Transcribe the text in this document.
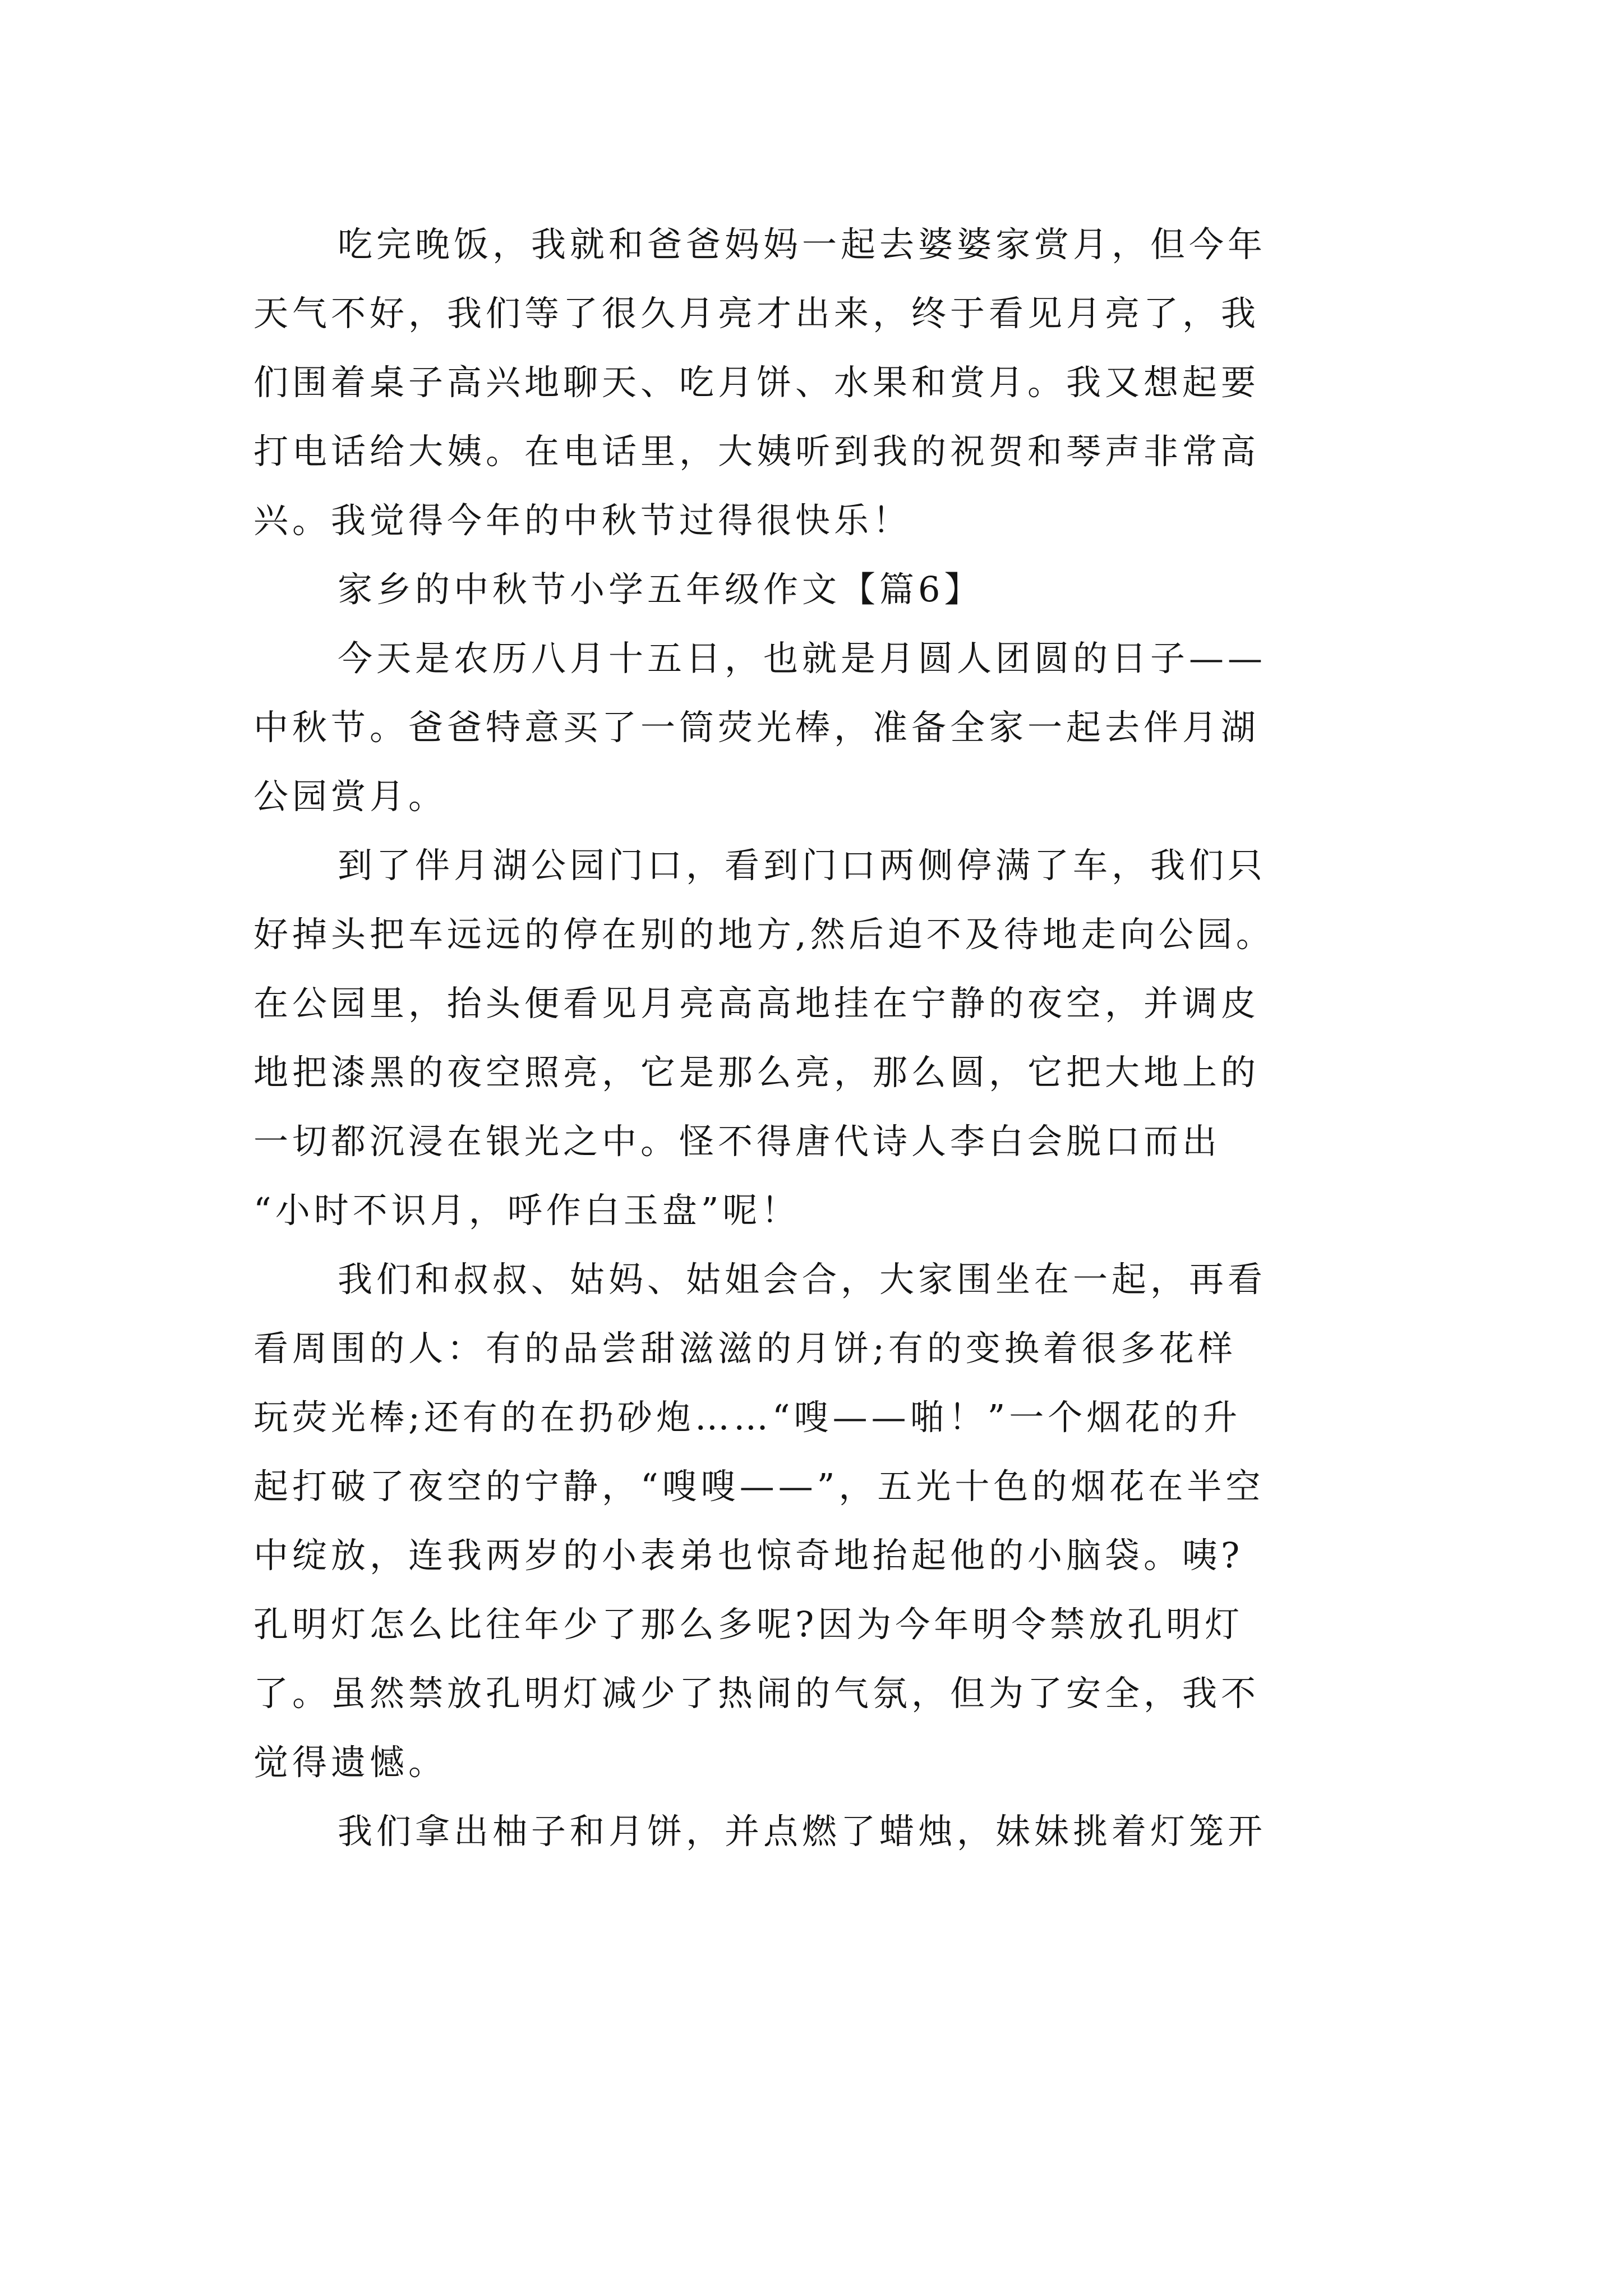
吃完晚饭，我就和爸爸妈妈一起去婆婆家赏月，但今年
天气不好，我们等了很久月亮才出来，终于看见月亮了，我
们围着桌子高兴地聊天、吃月饼、水果和赏月。我又想起要
打电话给大姨。在电话里，大姨听到我的祝贺和琴声非常高
兴。我觉得今年的中秋节过得很快乐！

家乡的中秋节小学五年级作文【篇6】

今天是农历八月十五日，也就是月圆人团圆的日子——
中秋节。爸爸特意买了一筒荧光棒，准备全家一起去伴月湖
公园赏月。

到了伴月湖公园门口，看到门口两侧停满了车，我们只
好掉头把车远远的停在别的地方,然后迫不及待地走向公园。
在公园里，抬头便看见月亮高高地挂在宁静的夜空，并调皮
地把漆黑的夜空照亮，它是那么亮，那么圆，它把大地上的
一切都沉浸在银光之中。怪不得唐代诗人李白会脱口而出
“小时不识月，呼作白玉盘”呢！

我们和叔叔、姑妈、姑姐会合，大家围坐在一起，再看
看周围的人：有的品尝甜滋滋的月饼;有的变换着很多花样
玩荧光棒;还有的在扔砂炮……“嗖——啪！”一个烟花的升
起打破了夜空的宁静，“嗖嗖——”，五光十色的烟花在半空
中绽放，连我两岁的小表弟也惊奇地抬起他的小脑袋。咦?
孔明灯怎么比往年少了那么多呢?因为今年明令禁放孔明灯
了。虽然禁放孔明灯减少了热闹的气氛，但为了安全，我不
觉得遗憾。

我们拿出柚子和月饼，并点燃了蜡烛，妹妹挑着灯笼开
